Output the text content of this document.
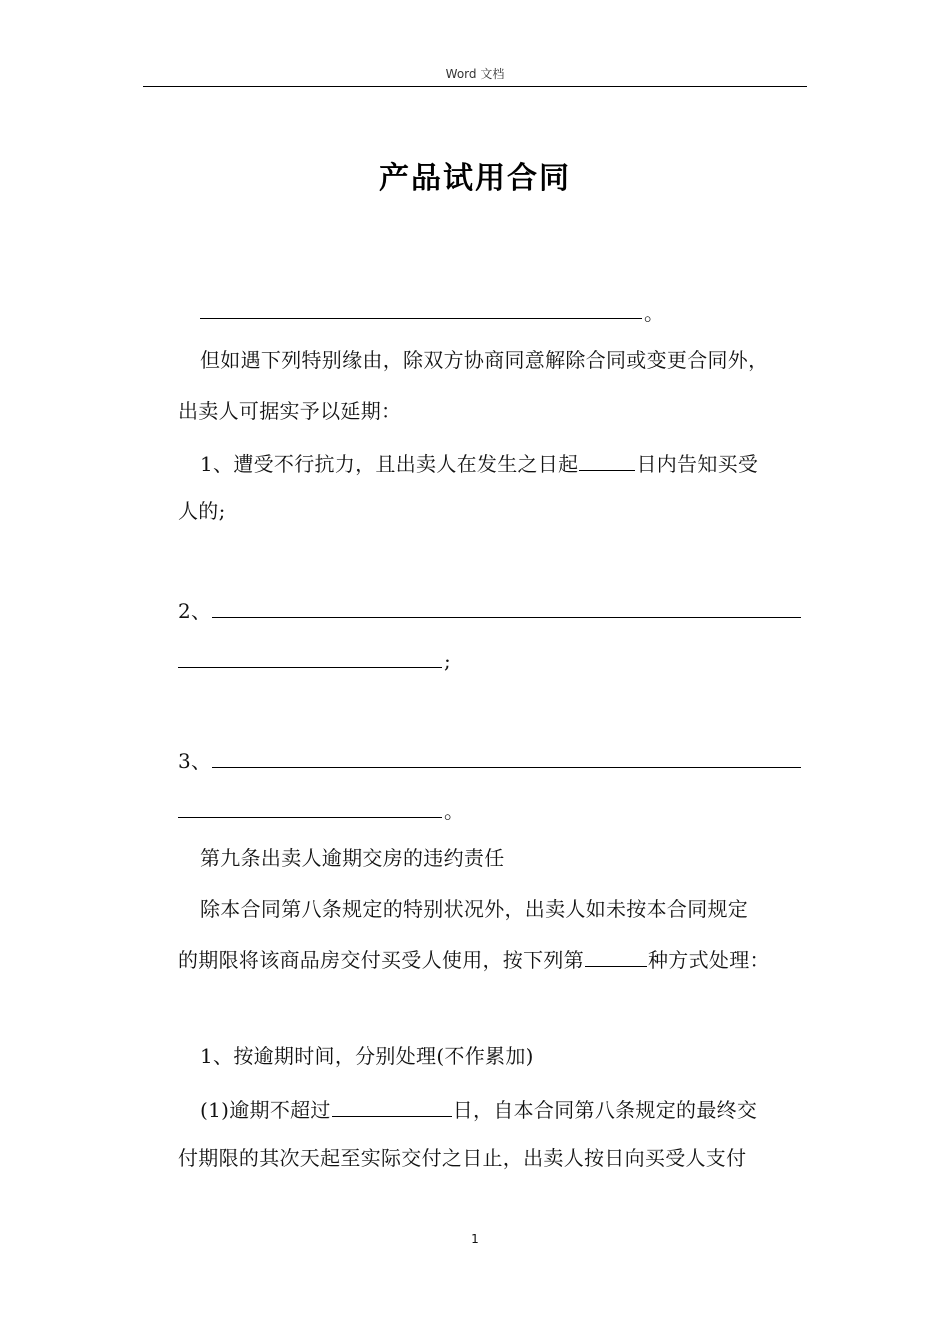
Word 文档
产品试用合同
。
但如遇下列特别缘由，除双方协商同意解除合同或变更合同外，
出卖人可据实予以延期：
1、遭受不行抗力，且出卖人在发生之日起	日内告知买受
人的;
2、
;
3、
。
第九条出卖人逾期交房的违约责任
除本合同第八条规定的特别状况外，出卖人如未按本合同规定
的期限将该商品房交付买受人使用，按下列第	种方式处理：
1、按逾期时间，分别处理(不作累加)
(1)逾期不超过	日，自本合同第八条规定的最终交
付期限的其次天起至实际交付之日止，出卖人按日向买受人支付
1
